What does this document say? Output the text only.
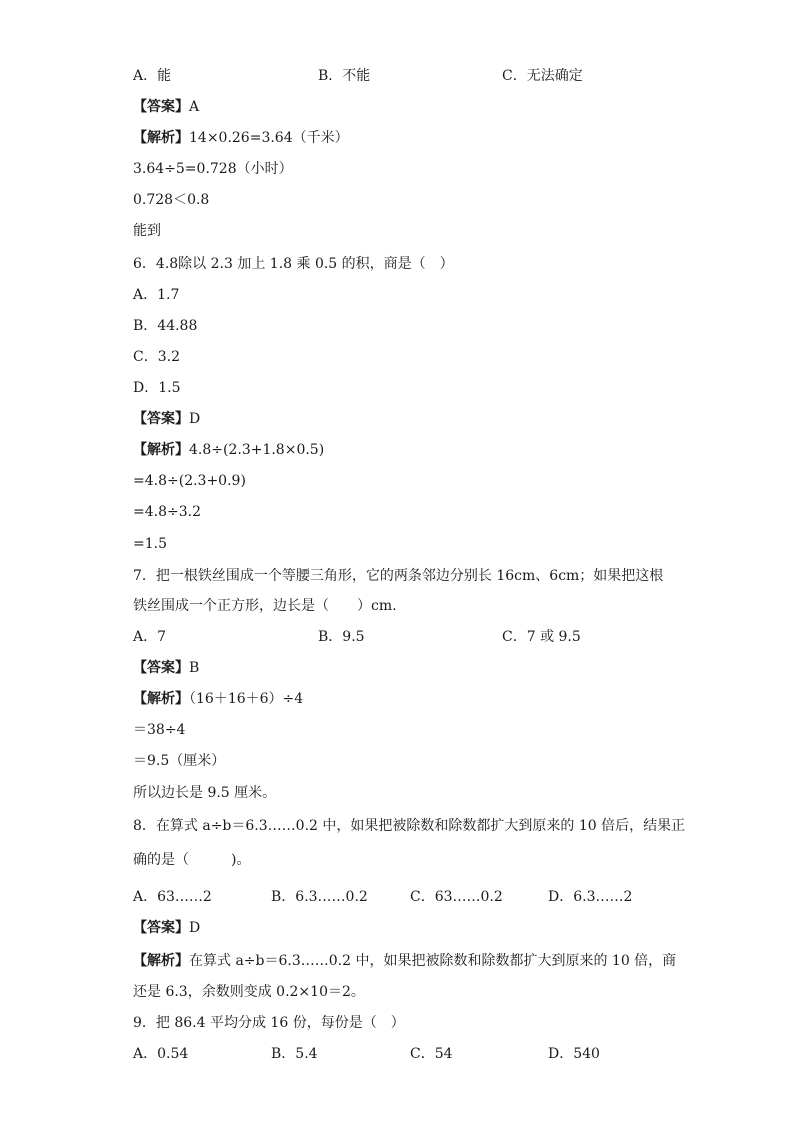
A．能	B．不能	C．无法确定
【答案】A
【解析】14×0.26=3.64（千米）
3.64÷5=0.728（小时）
0.728＜0.8
能到
6．4.8除以 2.3 加上 1.8 乘 0.5 的积，商是（　）
A．1.7
B．44.88
C．3.2
D．1.5
【答案】D
【解析】4.8÷(2.3+1.8×0.5)
=4.8÷(2.3+0.9)
=4.8÷3.2
=1.5
7．把一根铁丝围成一个等腰三角形，它的两条邻边分别长 16cm、6cm；如果把这根
铁丝围成一个正方形，边长是（　　）cm.
A．7	B．9.5	C．7 或 9.5
【答案】B
【解析】（16＋16＋6）÷4
＝38÷4
＝9.5（厘米）
所以边长是 9.5 厘米。
8．在算式 a÷b＝6.3……0.2 中，如果把被除数和除数都扩大到原来的 10 倍后，结果正
确的是（　　　)。
A．63……2	B．6.3……0.2	C．63……0.2	D．6.3……2
【答案】D
【解析】在算式 a÷b＝6.3……0.2 中，如果把被除数和除数都扩大到原来的 10 倍，商
还是 6.3，余数则变成 0.2×10＝2。
9．把 86.4 平均分成 16 份，每份是（　）
A．0.54	B．5.4	C．54	D．540
